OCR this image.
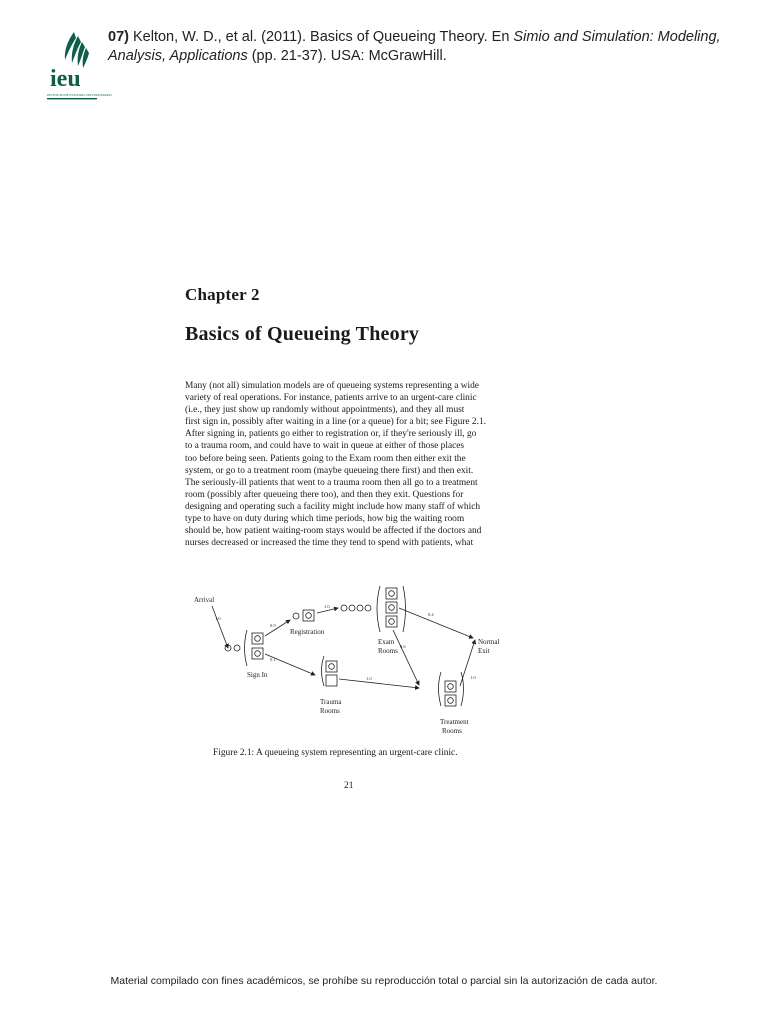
ieu
INSTITUTO DE ESTUDIOS UNIVERSITARIOS
07) Kelton, W. D., et al. (2011). Basics of Queueing Theory. En Simio and Simulation: Modeling, Analysis, Applications (pp. 21-37). USA: McGrawHill.
Chapter 2
Basics of Queueing Theory
Many (not all) simulation models are of queueing systems representing a wide
variety of real operations. For instance, patients arrive to an urgent-care clinic
(i.e., they just show up randomly without appointments), and they all must
first sign in, possibly after waiting in a line (or a queue) for a bit; see Figure 2.1.
After signing in, patients go either to registration or, if they're seriously ill, go
to a trauma room, and could have to wait in queue at either of those places
too before being seen. Patients going to the Exam room then either exit the
system, or go to a treatment room (maybe queueing there first) and then exit.
The seriously-ill patients that went to a trauma room then all go to a treatment
room (possibly after queueing there too), and then they exit. Questions for
designing and operating such a facility might include how many staff of which
type to have on duty during which time periods, how big the waiting room
should be, how patient waiting-room stays would be affected if the doctors and
nurses decreased or increased the time they tend to spend with patients, what
Arrival
Registration
Exam
Rooms
Normal
Exit
Sign In
Trauma
Rooms
Treatment
Rooms
1.0
0.9
0.1
1.0
0.4
0.6
1.0	1.0
Figure 2.1: A queueing system representing an urgent-care clinic.
21
Material compilado con fines académicos, se prohíbe su reproducción total o parcial sin la autorización de cada autor.
